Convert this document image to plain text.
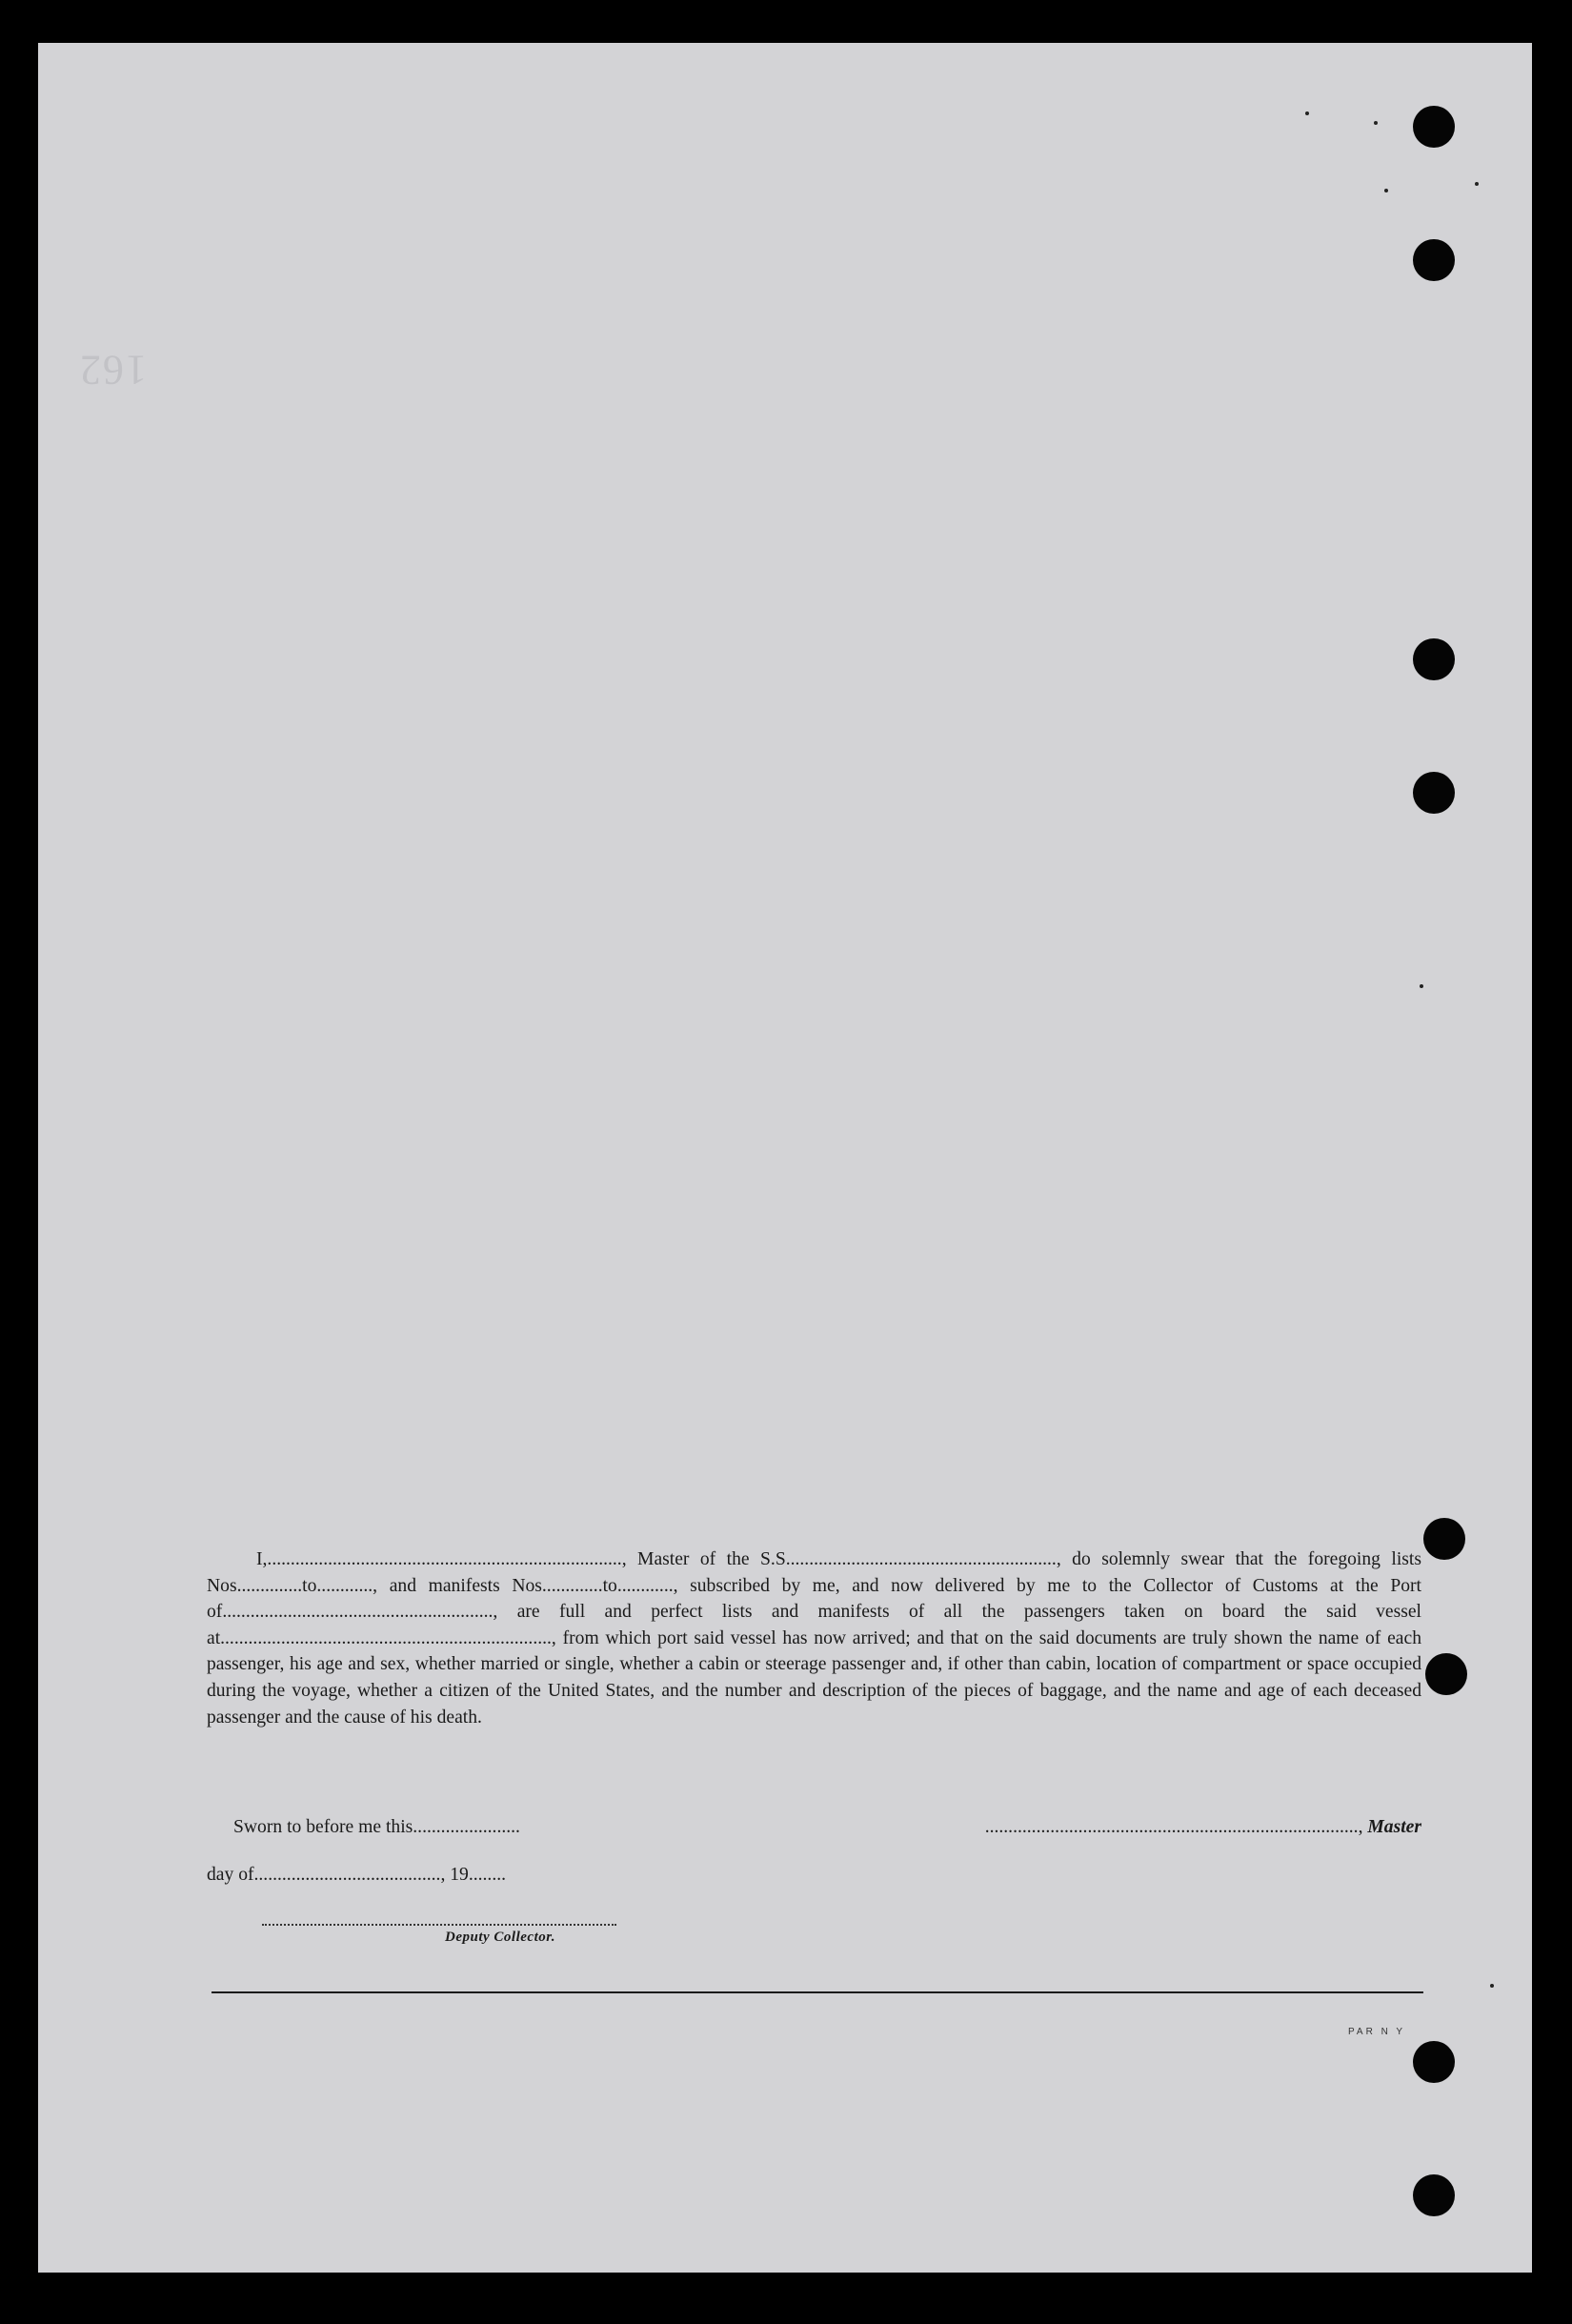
162

I,............................................................................, Master of the S.S.........................................................., do solemnly swear that the foregoing lists Nos..............to............, and manifests Nos.............to............, subscribed by me, and now delivered by me to the Collector of Customs at the Port of.........................................................., are full and perfect lists and manifests of all the passengers taken on board the said vessel at......................................................................., from which port said vessel has now arrived; and that on the said documents are truly shown the name of each passenger, his age and sex, whether married or single, whether a cabin or steerage passenger and, if other than cabin, location of compartment or space occupied during the voyage, whether a citizen of the United States, and the number and description of the pieces of baggage, and the name and age of each deceased passenger and the cause of his death.

Sworn to before me this.......................
day of........................................, 19........
Deputy Collector.
................................................................................, Master
PAR N Y
